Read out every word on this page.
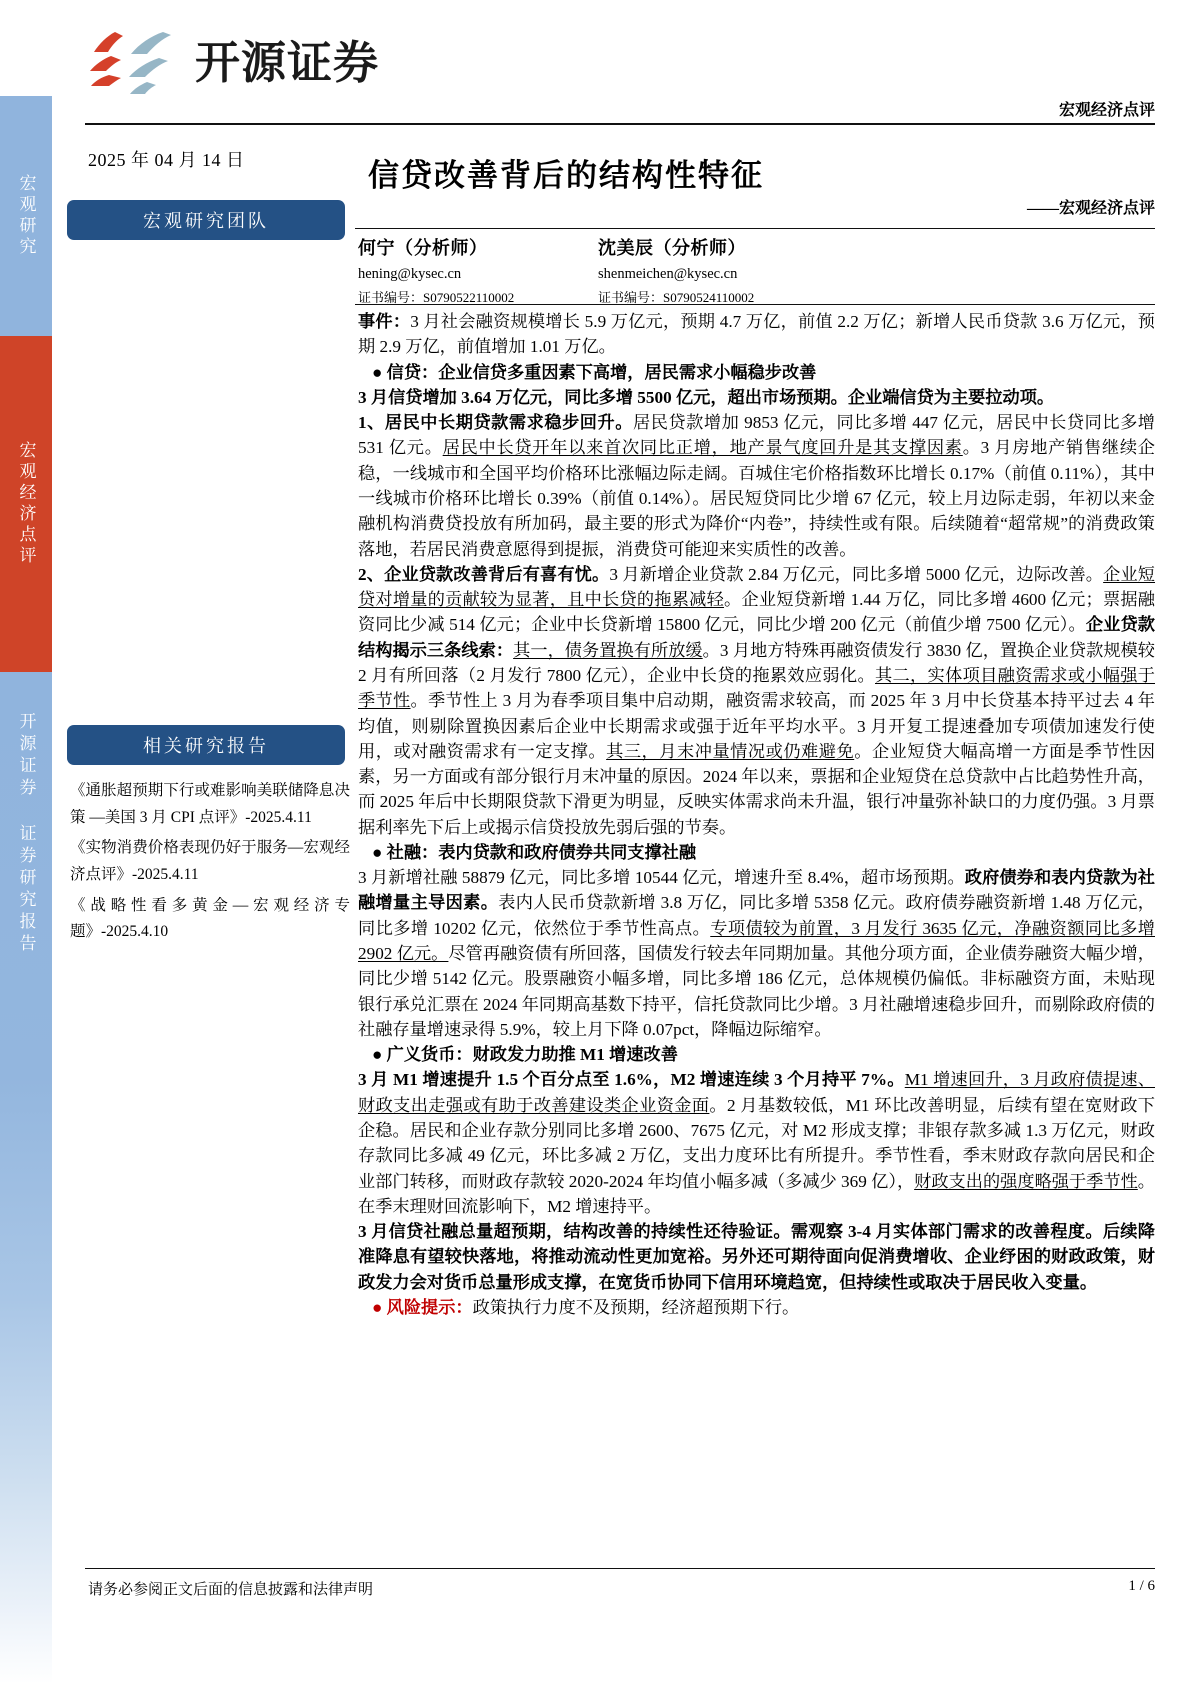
宏观研究
宏观经济点评
开源证券 证券研究报告
开源证券
宏观经济点评
2025 年 04 月 14 日
宏观研究团队
信贷改善背后的结构性特征
——宏观经济点评
何宁（分析师）
hening@kysec.cn
证书编号：S0790522110002
沈美辰（分析师）
shenmeichen@kysec.cn
证书编号：S0790524110002
相关研究报告
《通胀超预期下行或难影响美联储降息决策 —美国 3 月 CPI 点评》-2025.4.11
《实物消费价格表现仍好于服务—宏观经济点评》-2025.4.11
《战略性看多黄金—宏观经济专题》-2025.4.10

事件：3 月社会融资规模增长 5.9 万亿元，预期 4.7 万亿，前值 2.2 万亿；新增人民币贷款 3.6 万亿元，预期 2.9 万亿，前值增加 1.01 万亿。

● 信贷：企业信贷多重因素下高增，居民需求小幅稳步改善

3 月信贷增加 3.64 万亿元，同比多增 5500 亿元，超出市场预期。企业端信贷为主要拉动项。

1、居民中长期贷款需求稳步回升。居民贷款增加 9853 亿元，同比多增 447 亿元，居民中长贷同比多增 531 亿元。居民中长贷开年以来首次同比正增，地产景气度回升是其支撑因素。3 月房地产销售继续企稳，一线城市和全国平均价格环比涨幅边际走阔。百城住宅价格指数环比增长 0.17%（前值 0.11%），其中一线城市价格环比增长 0.39%（前值 0.14%）。居民短贷同比少增 67 亿元，较上月边际走弱，年初以来金融机构消费贷投放有所加码，最主要的形式为降价“内卷”，持续性或有限。后续随着“超常规”的消费政策落地，若居民消费意愿得到提振，消费贷可能迎来实质性的改善。

2、企业贷款改善背后有喜有忧。3 月新增企业贷款 2.84 万亿元，同比多增 5000 亿元，边际改善。企业短贷对增量的贡献较为显著，且中长贷的拖累减轻。企业短贷新增 1.44 万亿，同比多增 4600 亿元；票据融资同比少减 514 亿元；企业中长贷新增 15800 亿元，同比少增 200 亿元（前值少增 7500 亿元）。企业贷款结构揭示三条线索：其一，债务置换有所放缓。3 月地方特殊再融资债发行 3830 亿，置换企业贷款规模较 2 月有所回落（2 月发行 7800 亿元），企业中长贷的拖累效应弱化。其二，实体项目融资需求或小幅强于季节性。季节性上 3 月为春季项目集中启动期，融资需求较高，而 2025 年 3 月中长贷基本持平过去 4 年均值，则剔除置换因素后企业中长期需求或强于近年平均水平。3 月开复工提速叠加专项债加速发行使用，或对融资需求有一定支撑。其三，月末冲量情况或仍难避免。企业短贷大幅高增一方面是季节性因素，另一方面或有部分银行月末冲量的原因。2024 年以来，票据和企业短贷在总贷款中占比趋势性升高，而 2025 年后中长期限贷款下滑更为明显，反映实体需求尚未升温，银行冲量弥补缺口的力度仍强。3 月票据利率先下后上或揭示信贷投放先弱后强的节奏。

● 社融：表内贷款和政府债券共同支撑社融

3 月新增社融 58879 亿元，同比多增 10544 亿元，增速升至 8.4%，超市场预期。政府债券和表内贷款为社融增量主导因素。表内人民币贷款新增 3.8 万亿，同比多增 5358 亿元。政府债券融资新增 1.48 万亿元，同比多增 10202 亿元，依然位于季节性高点。专项债较为前置，3 月发行 3635 亿元，净融资额同比多增 2902 亿元。尽管再融资债有所回落，国债发行较去年同期加量。其他分项方面，企业债券融资大幅少增，同比少增 5142 亿元。股票融资小幅多增，同比多增 186 亿元，总体规模仍偏低。非标融资方面，未贴现银行承兑汇票在 2024 年同期高基数下持平，信托贷款同比少增。3 月社融增速稳步回升，而剔除政府债的社融存量增速录得 5.9%，较上月下降 0.07pct，降幅边际缩窄。

● 广义货币：财政发力助推 M1 增速改善

3 月 M1 增速提升 1.5 个百分点至 1.6%，M2 增速连续 3 个月持平 7%。M1 增速回升，3 月政府债提速、财政支出走强或有助于改善建设类企业资金面。2 月基数较低，M1 环比改善明显，后续有望在宽财政下企稳。居民和企业存款分别同比多增 2600、7675 亿元，对 M2 形成支撑；非银存款多减 1.3 万亿元，财政存款同比多减 49 亿元，环比多减 2 万亿，支出力度环比有所提升。季节性看，季末财政存款向居民和企业部门转移，而财政存款较 2020-2024 年均值小幅多减（多减少 369 亿），财政支出的强度略强于季节性。在季末理财回流影响下，M2 增速持平。

3 月信贷社融总量超预期，结构改善的持续性还待验证。需观察 3-4 月实体部门需求的改善程度。后续降准降息有望较快落地，将推动流动性更加宽裕。另外还可期待面向促消费增收、企业纾困的财政政策，财政发力会对货币总量形成支撑，在宽货币协同下信用环境趋宽，但持续性或取决于居民收入变量。

● 风险提示：政策执行力度不及预期，经济超预期下行。

请务必参阅正文后面的信息披露和法律声明	1 / 6
